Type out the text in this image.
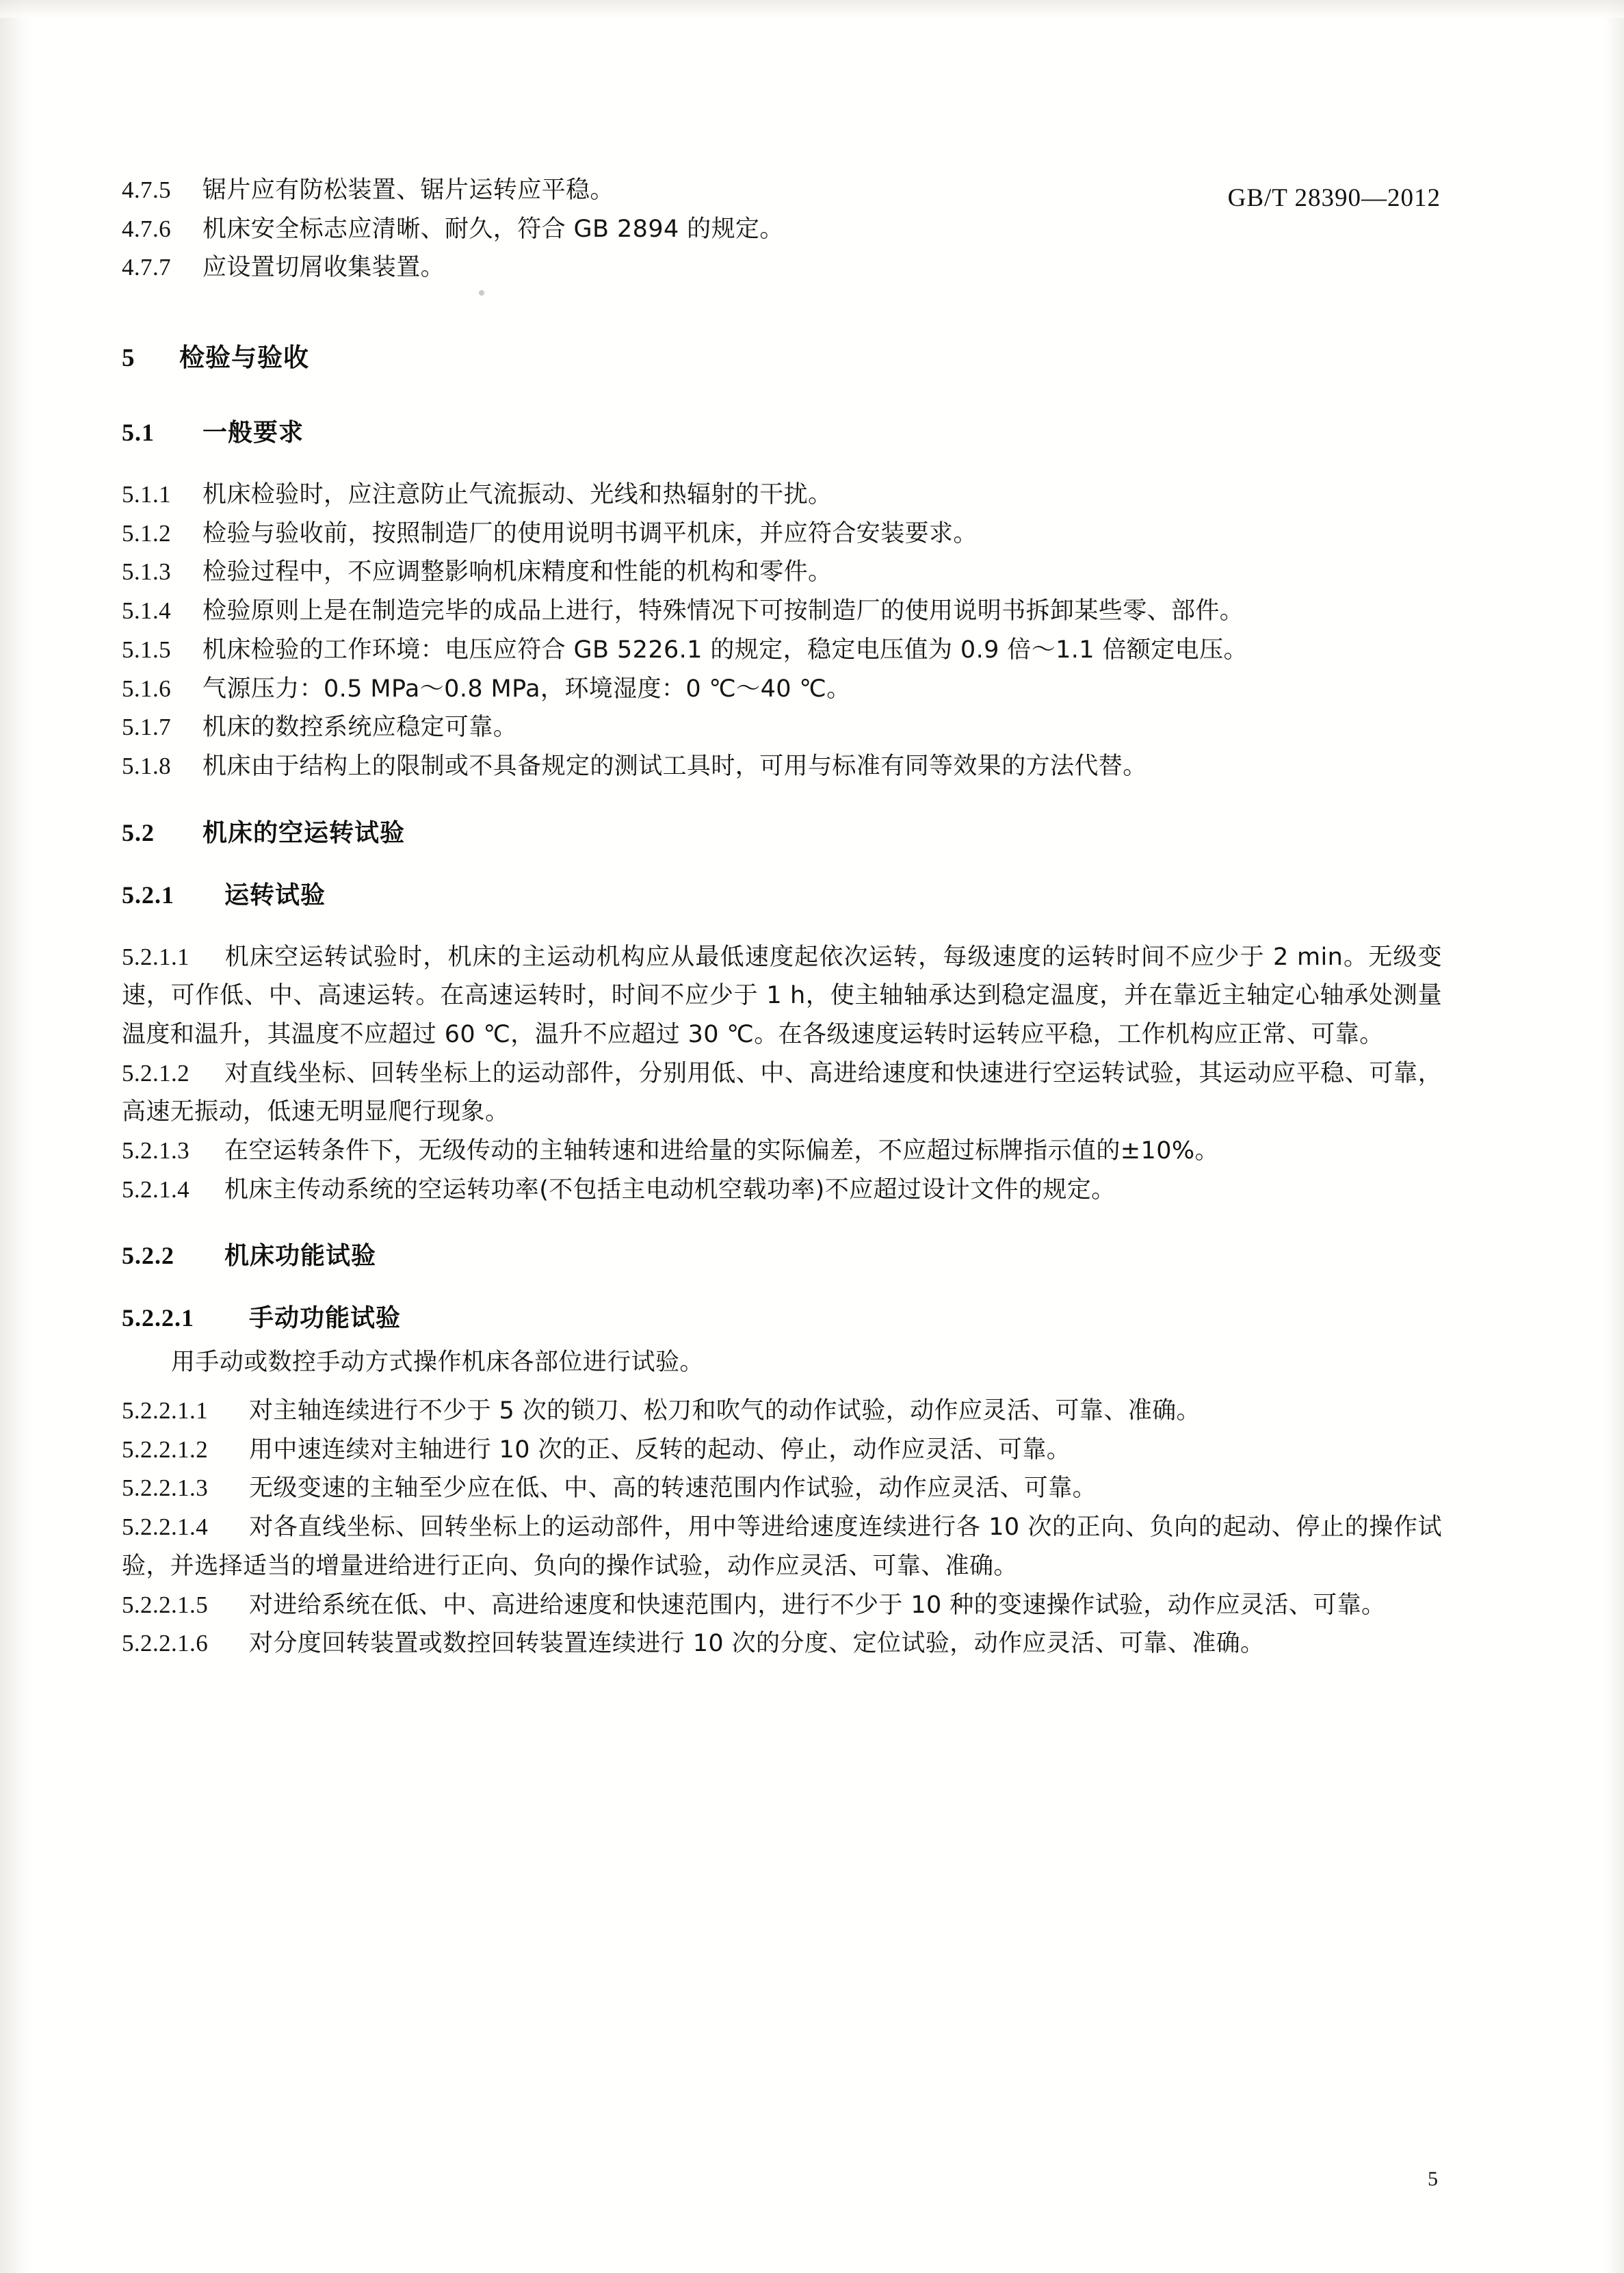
GB/T 28390—2012

4.7.5 锯片应有防松装置、锯片运转应平稳。

4.7.6 机床安全标志应清晰、耐久，符合 GB 2894 的规定。

4.7.7 应设置切屑收集装置。

5 检验与验收
5.1 一般要求

5.1.1 机床检验时，应注意防止气流振动、光线和热辐射的干扰。

5.1.2 检验与验收前，按照制造厂的使用说明书调平机床，并应符合安装要求。

5.1.3 检验过程中，不应调整影响机床精度和性能的机构和零件。

5.1.4 检验原则上是在制造完毕的成品上进行，特殊情况下可按制造厂的使用说明书拆卸某些零、部件。

5.1.5 机床检验的工作环境：电压应符合 GB 5226.1 的规定，稳定电压值为 0.9 倍～1.1 倍额定电压。

5.1.6 气源压力：0.5 MPa～0.8 MPa，环境湿度：0 ℃～40 ℃。

5.1.7 机床的数控系统应稳定可靠。

5.1.8 机床由于结构上的限制或不具备规定的测试工具时，可用与标准有同等效果的方法代替。

5.2 机床的空运转试验
5.2.1 运转试验

5.2.1.1 机床空运转试验时，机床的主运动机构应从最低速度起依次运转，每级速度的运转时间不应少于 2 min。无级变速，可作低、中、高速运转。在高速运转时，时间不应少于 1 h，使主轴轴承达到稳定温度，并在靠近主轴定心轴承处测量温度和温升，其温度不应超过 60 ℃，温升不应超过 30 ℃。在各级速度运转时运转应平稳，工作机构应正常、可靠。

5.2.1.2 对直线坐标、回转坐标上的运动部件，分别用低、中、高进给速度和快速进行空运转试验，其运动应平稳、可靠，高速无振动，低速无明显爬行现象。

5.2.1.3 在空运转条件下，无级传动的主轴转速和进给量的实际偏差，不应超过标牌指示值的±10%。

5.2.1.4 机床主传动系统的空运转功率(不包括主电动机空载功率)不应超过设计文件的规定。

5.2.2 机床功能试验
5.2.2.1 手动功能试验

用手动或数控手动方式操作机床各部位进行试验。

5.2.2.1.1 对主轴连续进行不少于 5 次的锁刀、松刀和吹气的动作试验，动作应灵活、可靠、准确。

5.2.2.1.2 用中速连续对主轴进行 10 次的正、反转的起动、停止，动作应灵活、可靠。

5.2.2.1.3 无级变速的主轴至少应在低、中、高的转速范围内作试验，动作应灵活、可靠。

5.2.2.1.4 对各直线坐标、回转坐标上的运动部件，用中等进给速度连续进行各 10 次的正向、负向的起动、停止的操作试验，并选择适当的增量进给进行正向、负向的操作试验，动作应灵活、可靠、准确。

5.2.2.1.5 对进给系统在低、中、高进给速度和快速范围内，进行不少于 10 种的变速操作试验，动作应灵活、可靠。

5.2.2.1.6 对分度回转装置或数控回转装置连续进行 10 次的分度、定位试验，动作应灵活、可靠、准确。

5
